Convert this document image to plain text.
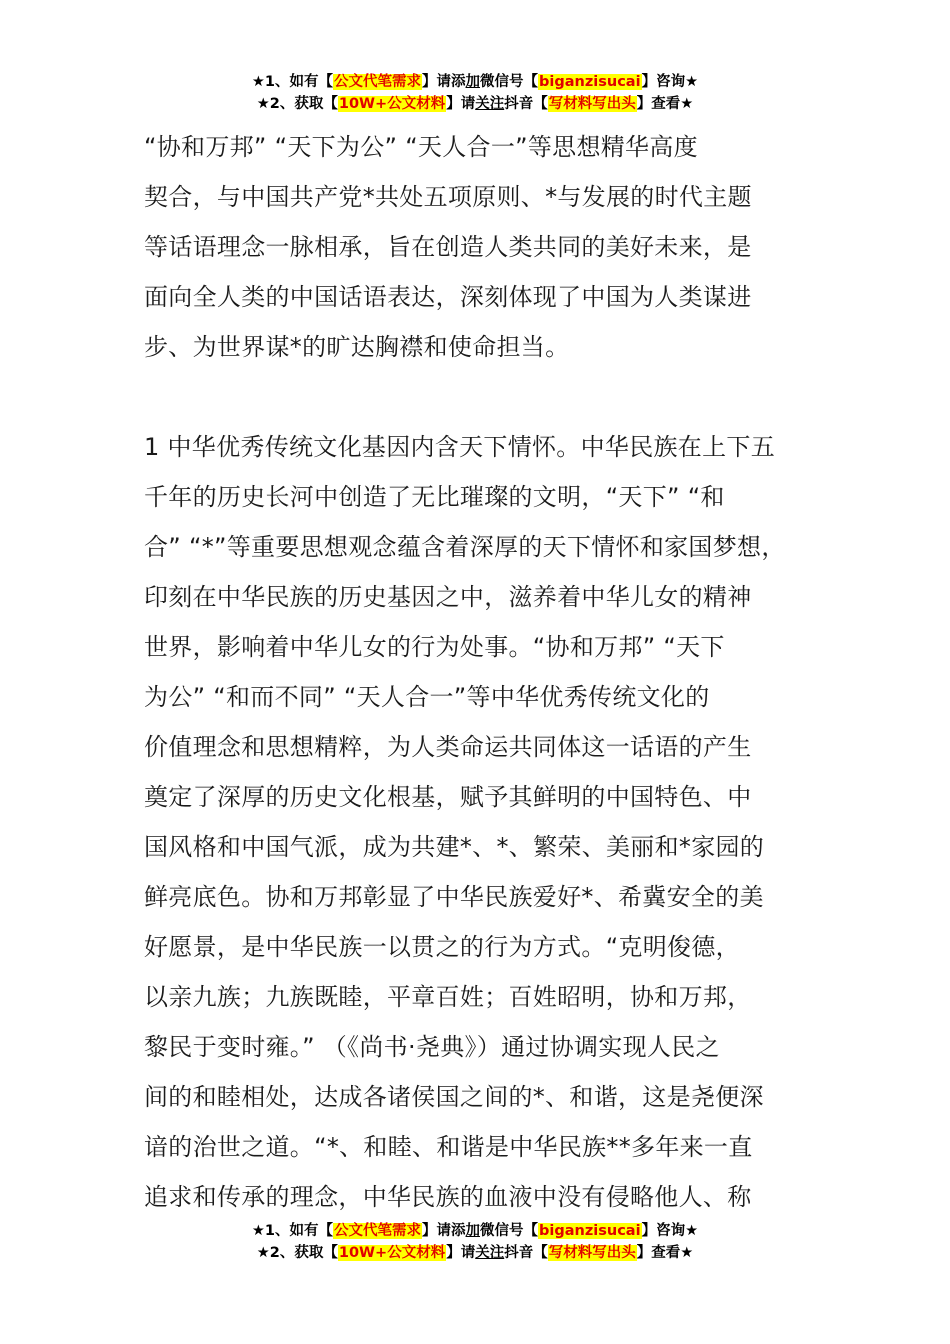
★1、如有【公文代笔需求】请添加微信号【biganzisucai】咨询★
★2、获取【10W+公文材料】请关注抖音【写材料写出头】查看★

“协和万邦” “天下为公” “天人合一”等思想精华高度
契合，与中国共产党*共处五项原则、*与发展的时代主题
等话语理念一脉相承，旨在创造人类共同的美好未来，是
面向全人类的中国话语表达，深刻体现了中国为人类谋进
步、为世界谋*的旷达胸襟和使命担当。

1 中华优秀传统文化基因内含天下情怀。中华民族在上下五
千年的历史长河中创造了无比璀璨的文明，“天下” “和
合” “*”等重要思想观念蕴含着深厚的天下情怀和家国梦想，
印刻在中华民族的历史基因之中，滋养着中华儿女的精神
世界，影响着中华儿女的行为处事。“协和万邦” “天下
为公” “和而不同” “天人合一”等中华优秀传统文化的
价值理念和思想精粹，为人类命运共同体这一话语的产生
奠定了深厚的历史文化根基，赋予其鲜明的中国特色、中
国风格和中国气派，成为共建*、*、繁荣、美丽和*家园的
鲜亮底色。协和万邦彰显了中华民族爱好*、希冀安全的美
好愿景，是中华民族一以贯之的行为方式。“克明俊德，
以亲九族；九族既睦，平章百姓；百姓昭明，协和万邦，
黎民于变时雍。” （《尚书·尧典》）通过协调实现人民之
间的和睦相处，达成各诸侯国之间的*、和谐，这是尧便深
谙的治世之道。“*、和睦、和谐是中华民族**多年来一直
追求和传承的理念，中华民族的血液中没有侵略他人、称

★1、如有【公文代笔需求】请添加微信号【biganzisucai】咨询★
★2、获取【10W+公文材料】请关注抖音【写材料写出头】查看★
